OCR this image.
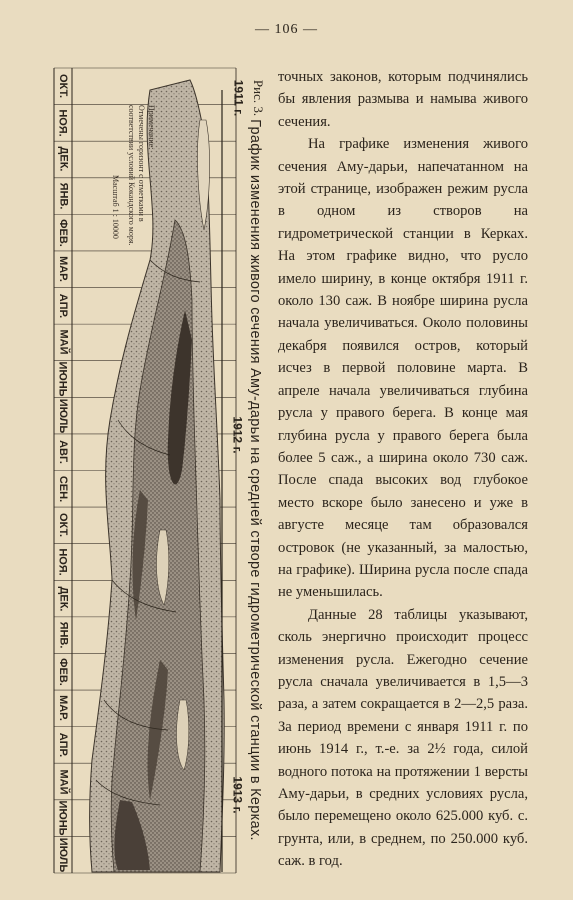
— 106 —
ОКТ.
НОЯ.
ДЕК.
ЯНВ.
ФЕВ.
МАР.
АПР.
МАЙ
ИЮНЬ
ИЮЛЬ
АВГ.
СЕН.
ОКТ.
НОЯ.
ДЕК.
ЯНВ.
ФЕВ.
МАР.
АПР.
МАЙ
ИЮНЬ
ИЮЛЬ
1911 г.
1912 г.
1913 г.
Рис. 3.
График изменения живого сечения Аму-дарьи на средней створе гидрометрической станции в Керках.
Примечание:
Отмечены горизонт с отметками в
соответствии условий Кокандского моря.
Масштаб 1 : 10000

точных законов, которым подчинялись бы явления размыва и намыва живого сечения.

На графике изменения живого сечения Аму-дарьи, напечатанном на этой странице, изображен режим русла в одном из створов на гидрометрической станции в Керках. На этом графике видно, что русло имело ширину, в конце октября 1911 г. около 130 саж. В ноябре ширина русла начала увеличиваться. Около половины декабря появился остров, который исчез в первой половине марта. В апреле начала увеличиваться глубина русла у правого берега. В конце мая глубина русла у правого берега была более 5 саж., а ширина около 730 саж. После спада высоких вод глубокое место вскоре было занесено и уже в августе месяце там образовался островок (не указанный, за малостью, на графике). Ширина русла после спада не уменьшилась.

Данные 28 таблицы указывают, сколь энергично происходит процесс изменения русла. Ежегодно сечение русла сначала увеличивается в 1,5—3 раза, а затем сокращается в 2—2,5 раза. За период времени с января 1911 г. по июнь 1914 г., т.-е. за 2½ года, силой водного потока на протяжении 1 версты Аму-дарьи, в средних условиях русла, было перемещено около 625.000 куб. с. грунта, или, в среднем, по 250.000 куб. саж. в год.
